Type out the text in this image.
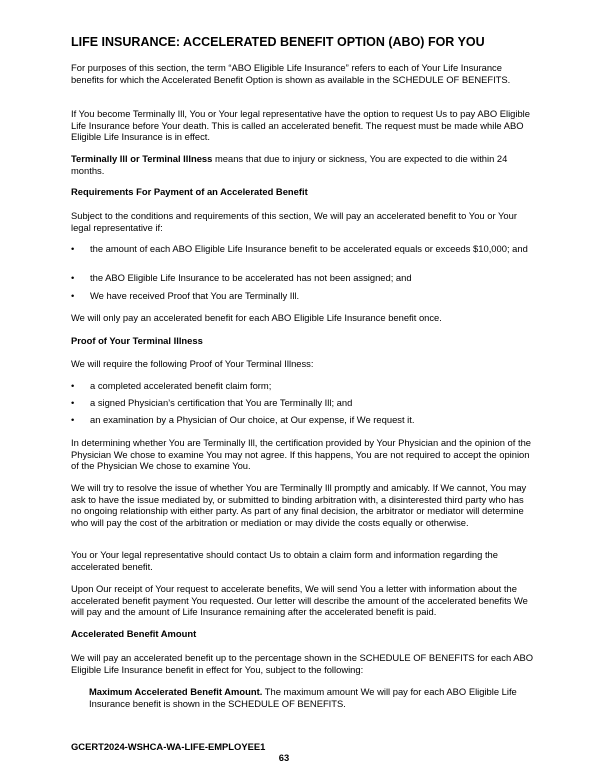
LIFE INSURANCE: ACCELERATED BENEFIT OPTION (ABO) FOR YOU

For purposes of this section, the term “ABO Eligible Life Insurance” refers to each of Your Life Insurance benefits for which the Accelerated Benefit Option is shown as available in the SCHEDULE OF BENEFITS.

If You become Terminally Ill, You or Your legal representative have the option to request Us to pay ABO Eligible Life Insurance before Your death. This is called an accelerated benefit. The request must be made while ABO Eligible Life Insurance is in effect.

Terminally Ill or Terminal Illness means that due to injury or sickness, You are expected to die within 24 months.

Requirements For Payment of an Accelerated Benefit

Subject to the conditions and requirements of this section, We will pay an accelerated benefit to You or Your legal representative if:

• the amount of each ABO Eligible Life Insurance benefit to be accelerated equals or exceeds $10,000; and
• the ABO Eligible Life Insurance to be accelerated has not been assigned; and
• We have received Proof that You are Terminally Ill.

We will only pay an accelerated benefit for each ABO Eligible Life Insurance benefit once.

Proof of Your Terminal Illness

We will require the following Proof of Your Terminal Illness:

• a completed accelerated benefit claim form;
• a signed Physician’s certification that You are Terminally Ill; and
• an examination by a Physician of Our choice, at Our expense, if We request it.

In determining whether You are Terminally Ill, the certification provided by Your Physician and the opinion of the Physician We chose to examine You may not agree. If this happens, You are not required to accept the opinion of the Physician We chose to examine You.

We will try to resolve the issue of whether You are Terminally Ill promptly and amicably. If We cannot, You may ask to have the issue mediated by, or submitted to binding arbitration with, a disinterested third party who has no ongoing relationship with either party. As part of any final decision, the arbitrator or mediator will determine who will pay the cost of the arbitration or mediation or may divide the costs equally or otherwise.

You or Your legal representative should contact Us to obtain a claim form and information regarding the accelerated benefit.

Upon Our receipt of Your request to accelerate benefits, We will send You a letter with information about the accelerated benefit payment You requested. Our letter will describe the amount of the accelerated benefits We will pay and the amount of Life Insurance remaining after the accelerated benefit is paid.

Accelerated Benefit Amount

We will pay an accelerated benefit up to the percentage shown in the SCHEDULE OF BENEFITS for each ABO Eligible Life Insurance benefit in effect for You, subject to the following:

Maximum Accelerated Benefit Amount. The maximum amount We will pay for each ABO Eligible Life Insurance benefit is shown in the SCHEDULE OF BENEFITS.

GCERT2024-WSHCA-WA-LIFE-EMPLOYEE1
63
